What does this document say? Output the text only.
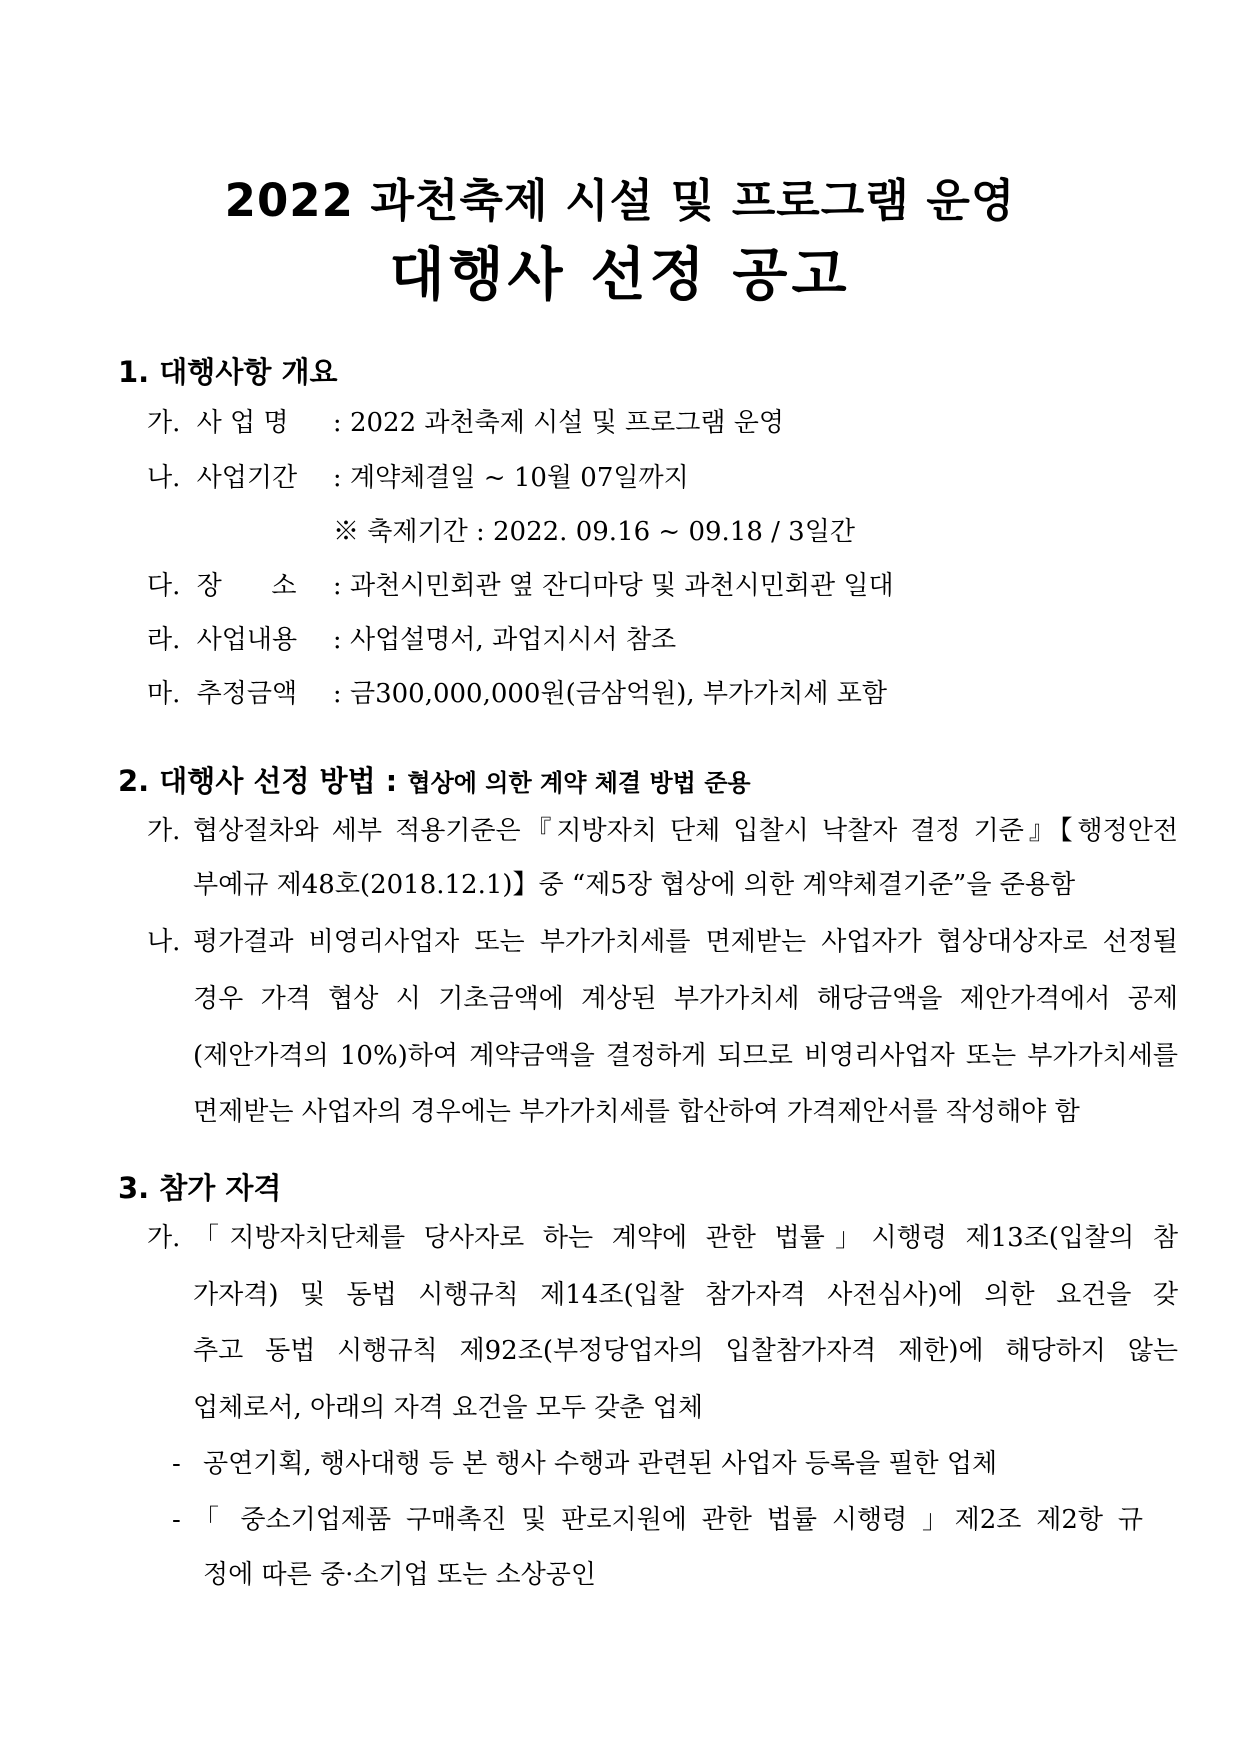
2022 과천축제 시설 및 프로그램 운영
대행사 선정 공고
1. 대행사항 개요
가. 사 업 명 : 2022 과천축제 시설 및 프로그램 운영
나. 사업기간 : 계약체결일 ~ 10월 07일까지
※ 축제기간 : 2022. 09.16 ~ 09.18 / 3일간
다. 장      소 : 과천시민회관 옆 잔디마당 및 과천시민회관 일대
라. 사업내용 : 사업설명서, 과업지시서 참조
마. 추정금액 : 금300,000,000원(금삼억원), 부가가치세 포함
2. 대행사 선정 방법 : 협상에 의한 계약 체결 방법 준용
가. 협상절차와 세부 적용기준은『지방자치 단체 입찰시 낙찰자 결정 기준』【행정안전
부예규 제48호(2018.12.1)】중 “제5장 협상에 의한 계약체결기준”을 준용함
나. 평가결과 비영리사업자 또는 부가가치세를 면제받는 사업자가 협상대상자로 선정될
경우 가격 협상 시 기초금액에 계상된 부가가치세 해당금액을 제안가격에서 공제
(제안가격의 10%)하여 계약금액을 결정하게 되므로 비영리사업자 또는 부가가치세를
면제받는 사업자의 경우에는 부가가치세를 합산하여 가격제안서를 작성해야 함
3. 참가 자격
가. 「지방자치단체를 당사자로 하는 계약에 관한 법률」시행령 제13조(입찰의 참
가자격) 및 동법 시행규칙 제14조(입찰 참가자격 사전심사)에 의한 요건을 갖
추고 동법 시행규칙 제92조(부정당업자의 입찰참가자격 제한)에 해당하지 않는
업체로서, 아래의 자격 요건을 모두 갖춘 업체
- 공연기획, 행사대행 등 본 행사 수행과 관련된 사업자 등록을 필한 업체
- 「 중소기업제품 구매촉진 및 판로지원에 관한 법률 시행령 」제2조 제2항 규
정에 따른 중·소기업 또는 소상공인
